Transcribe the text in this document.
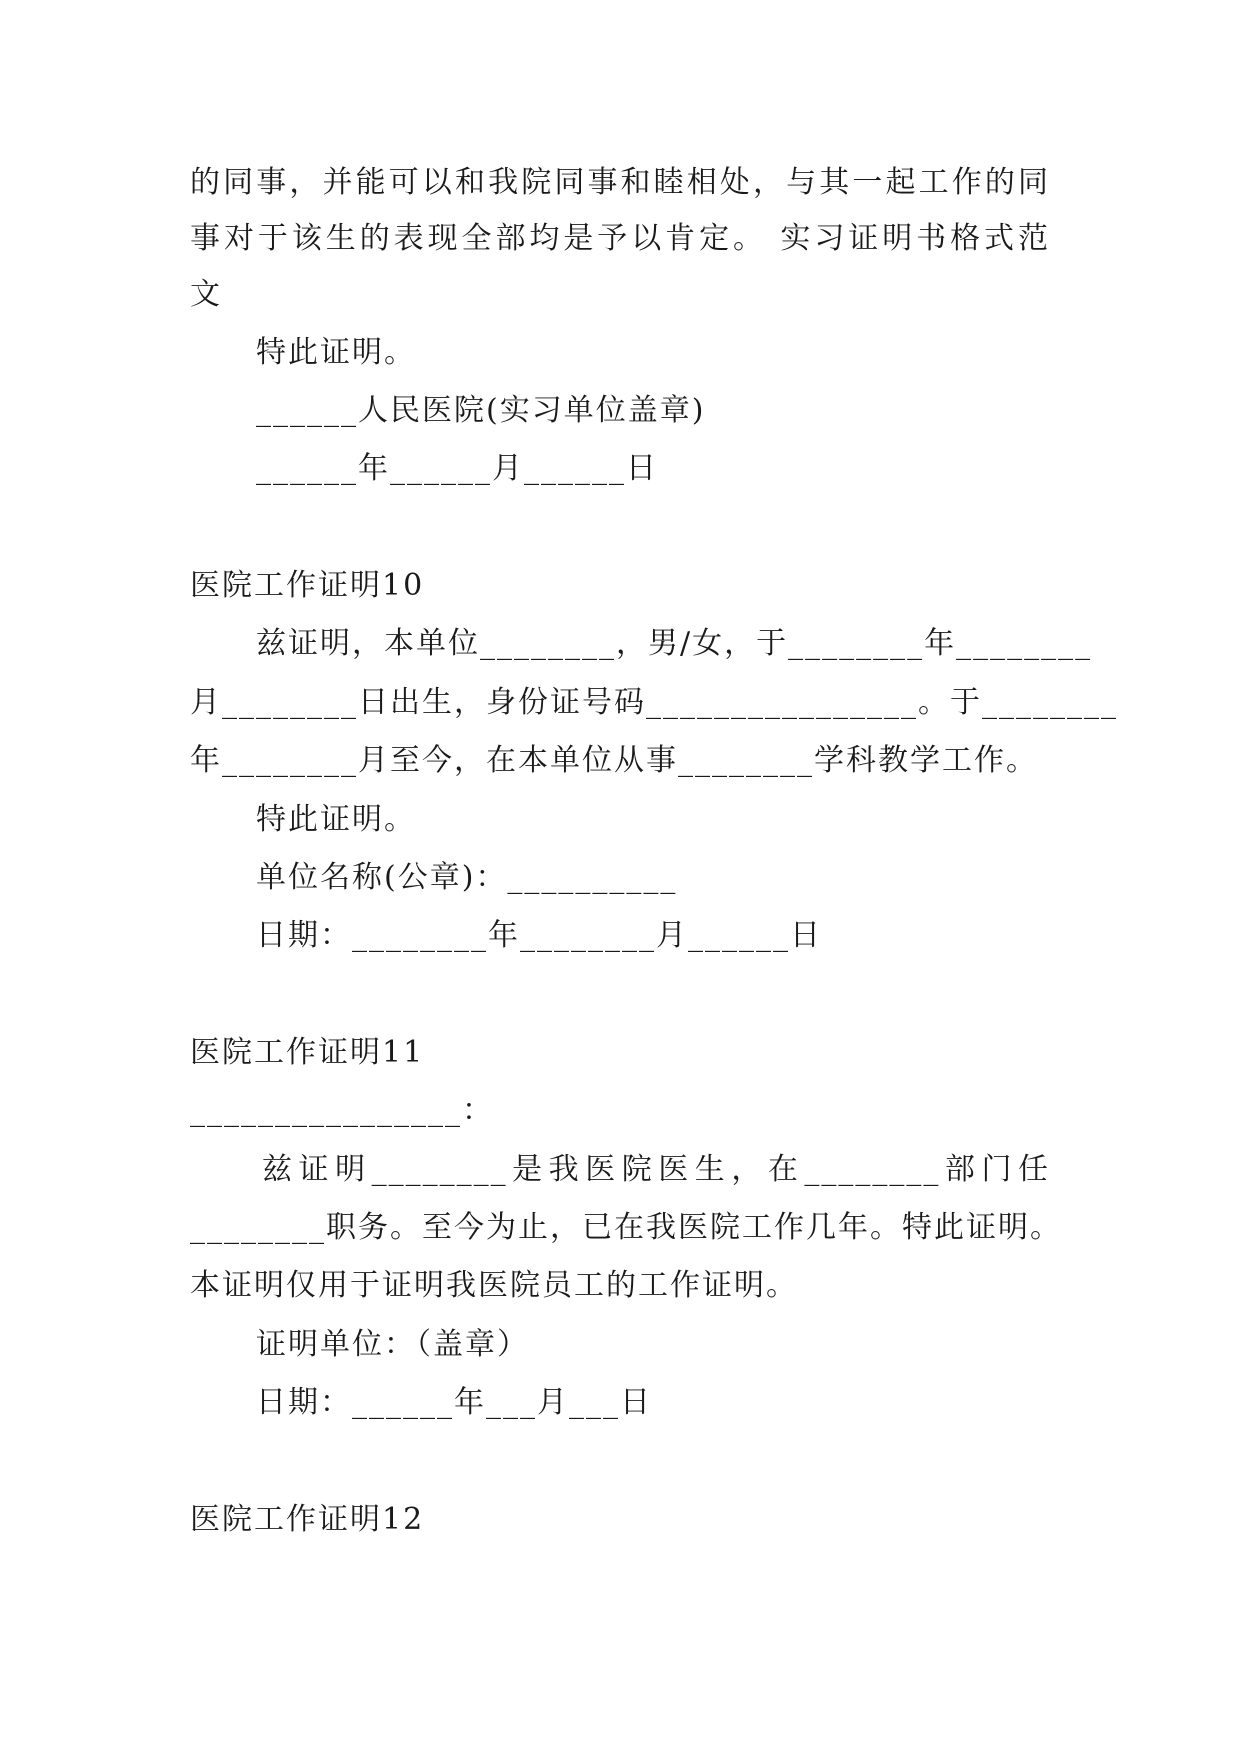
的同事，并能可以和我院同事和睦相处，与其一起工作的同
事对于该生的表现全部均是予以肯定。 实习证明书格式范
文
特此证明。
______人民医院(实习单位盖章)
______年______月______日
医院工作证明10
兹证明，本单位________，男/女，于________年________
月________日出生，身份证号码________________。于________
年________月至今，在本单位从事________学科教学工作。
特此证明。
单位名称(公章)：__________
日期：________年________月______日
医院工作证明11
________________：
兹证明________是我医院医生，在________部门任
________职务。至今为止，已在我医院工作几年。特此证明。
本证明仅用于证明我医院员工的工作证明。
证明单位：（盖章）
日期：______年___月___日
医院工作证明12
